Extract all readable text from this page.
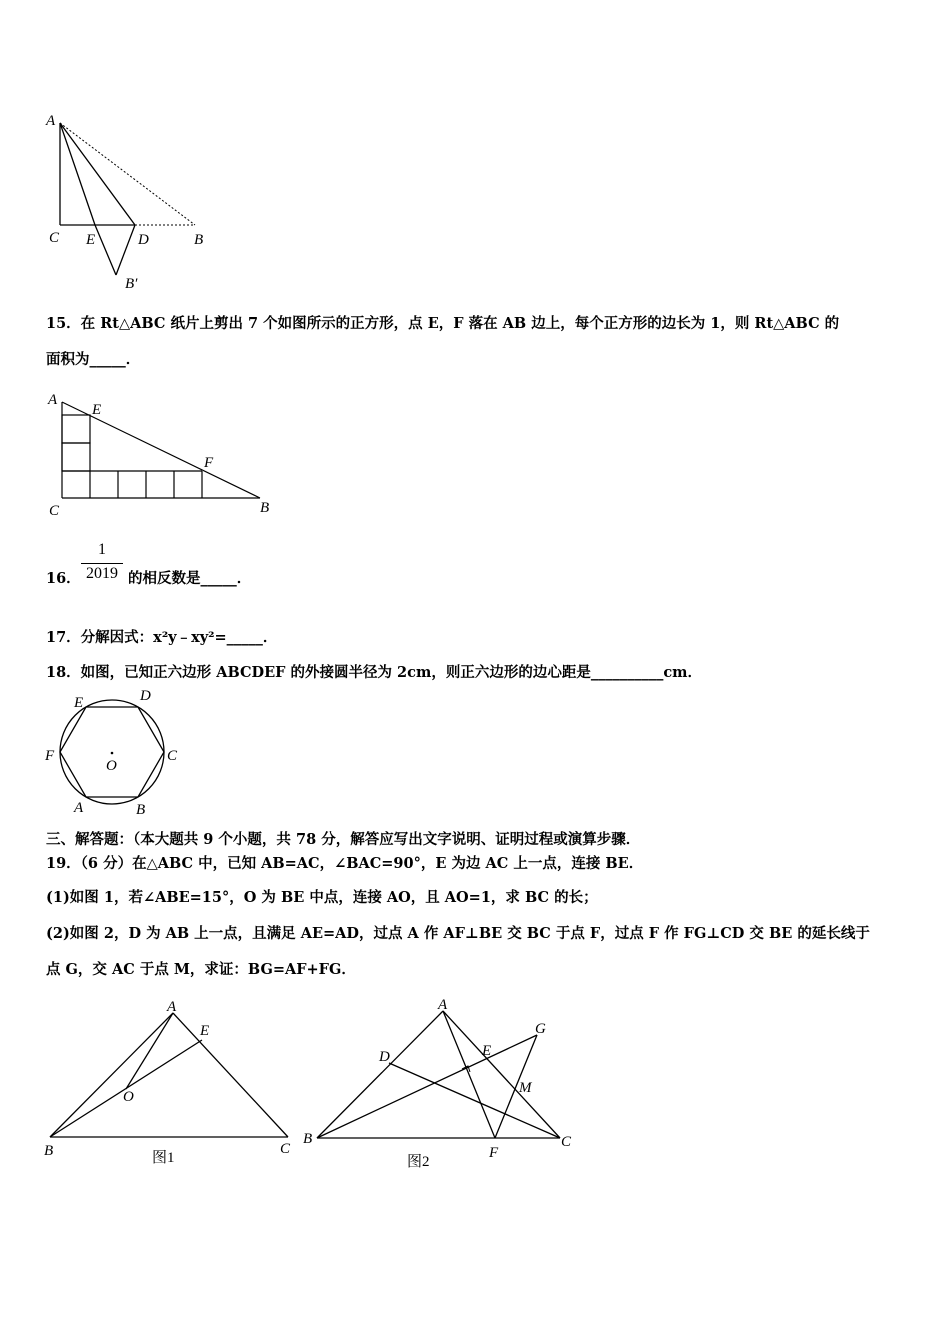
A
C E	D	B
B′
15．在 Rt△ABC 纸片上剪出 7 个如图所示的正方形，点 E，F 落在 AB 边上，每个正方形的边长为 1，则 Rt△ABC 的
面积为_____．
A
E
F
C	B
16．
1
2019 的相反数是_____．
17．分解因式：x²y﹣xy²=_____．
18．如图，已知正六边形 ABCDEF 的外接圆半径为 2cm，则正六边形的边心距是__________cm．
O
A	B
C
D
E
F
三、解答题：（本大题共 9 个小题，共 78 分，解答应写出文字说明、证明过程或演算步骤．
19．（6 分）在△ABC 中，已知 AB=AC，∠BAC=90°，E 为边 AC 上一点，连接 BE．
(1)如图 1，若∠ABE=15°，O 为 BE 中点，连接 AO，且 AO=1，求 BC 的长；
(2)如图 2，D 为 AB 上一点，且满足 AE=AD，过点 A 作 AF⊥BE 交 BC 于点 F，过点 F 作 FG⊥CD 交 BE 的延长线于
点 G，交 AC 于点 M，求证：BG=AF+FG．
A
E
O
B	C
图1
A
D	E
G
M
B
F
C
图2
